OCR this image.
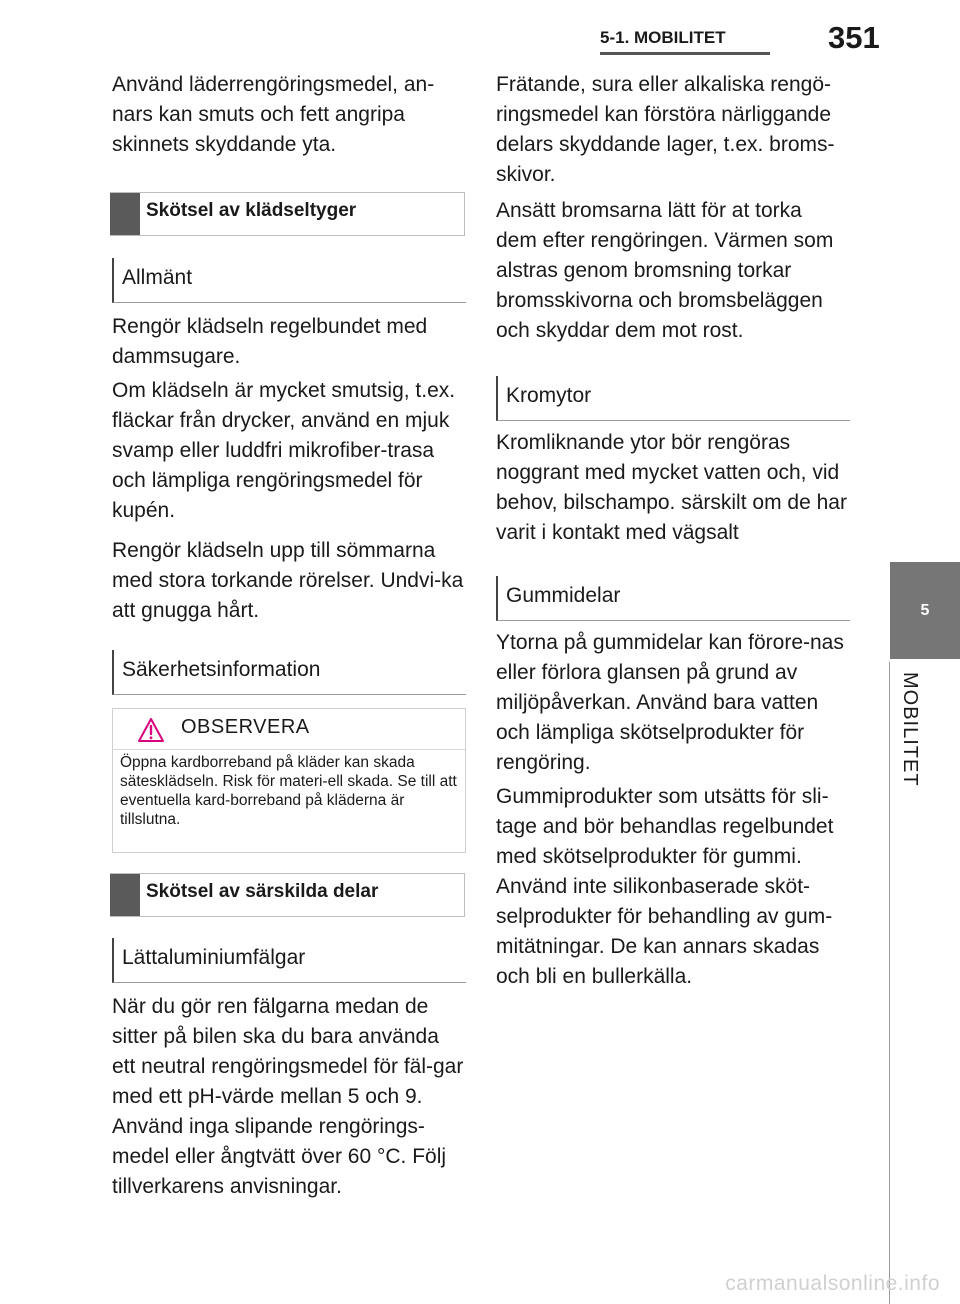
5-1. MOBILITET	351
5
MOBILITET

Använd läderrengöringsmedel, an-nars kan smuts och fett angripa skinnets skyddande yta.

Skötsel av klädseltyger
Allmänt

Rengör klädseln regelbundet med dammsugare.

Om klädseln är mycket smutsig, t.ex. fläckar från drycker, använd en mjuk svamp eller luddfri mikrofiber-trasa och lämpliga rengöringsmedel för kupén.

Rengör klädseln upp till sömmarna med stora torkande rörelser. Undvi-ka att gnugga hårt.

Säkerhetsinformation
OBSERVERA
Öppna kardborreband på kläder kan skada sätesklädseln. Risk för materi-ell skada. Se till att eventuella kard-borreband på kläderna är tillslutna.
Skötsel av särskilda delar
Lättaluminiumfälgar

När du gör ren fälgarna medan de sitter på bilen ska du bara använda ett neutral rengöringsmedel för fäl-gar med ett pH-värde mellan 5 och 9. Använd inga slipande rengörings-medel eller ångtvätt över 60 °C. Följ tillverkarens anvisningar.

Frätande, sura eller alkaliska rengö-ringsmedel kan förstöra närliggande delars skyddande lager, t.ex. broms-skivor.

Ansätt bromsarna lätt för at torka dem efter rengöringen. Värmen som alstras genom bromsning torkar bromsskivorna och bromsbeläggen och skyddar dem mot rost.

Kromytor

Kromliknande ytor bör rengöras noggrant med mycket vatten och, vid behov, bilschampo. särskilt om de har varit i kontakt med vägsalt

Gummidelar

Ytorna på gummidelar kan förore-nas eller förlora glansen på grund av miljöpåverkan. Använd bara vatten och lämpliga skötselprodukter för rengöring.

Gummiprodukter som utsätts för sli-tage and bör behandlas regelbundet med skötselprodukter för gummi. Använd inte silikonbaserade sköt-selprodukter för behandling av gum-mitätningar. De kan annars skadas och bli en bullerkälla.

carmanualsonline.info
